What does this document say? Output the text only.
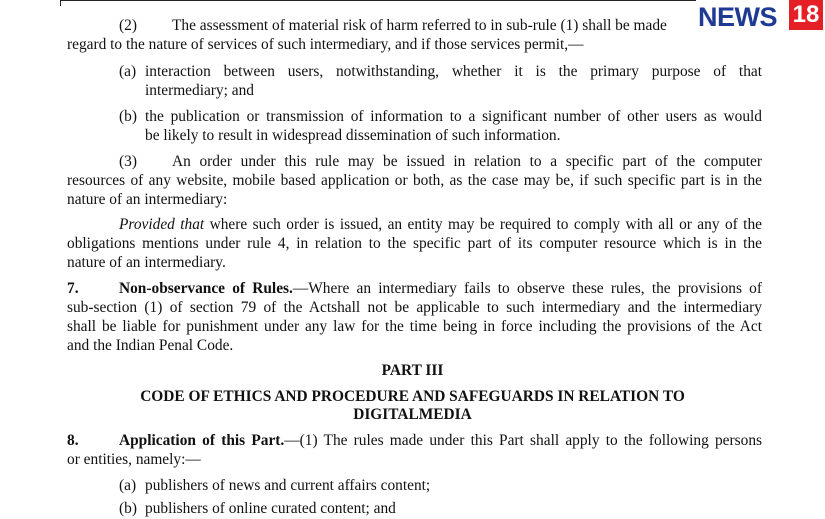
(2) The assessment of material risk of harm referred to in sub-rule (1) shall be made
regard to the nature of services of such intermediary, and if those services permit,—
(a) interaction between users, notwithstanding, whether it is the primary purpose of that
intermediary; and
(b) the publication or transmission of information to a significant number of other users as would
be likely to result in widespread dissemination of such information.
(3) An order under this rule may be issued in relation to a specific part of the computer
resources of any website, mobile based application or both, as the case may be, if such specific part is in the
nature of an intermediary:
Provided that where such order is issued, an entity may be required to comply with all or any of the
obligations mentions under rule 4, in relation to the specific part of its computer resource which is in the
nature of an intermediary.
7.	Non-observance of Rules.—Where an intermediary fails to observe these rules, the provisions of
sub-section (1) of section 79 of the Actshall not be applicable to such intermediary and the intermediary
shall be liable for punishment under any law for the time being in force including the provisions of the Act
and the Indian Penal Code.
PART III
CODE OF ETHICS AND PROCEDURE AND SAFEGUARDS IN RELATION TO
DIGITALMEDIA
8.	Application of this Part.—(1) The rules made under this Part shall apply to the following persons
or entities, namely:—
(a) publishers of news and current affairs content;
(b) publishers of online curated content; and
NEWS 18
